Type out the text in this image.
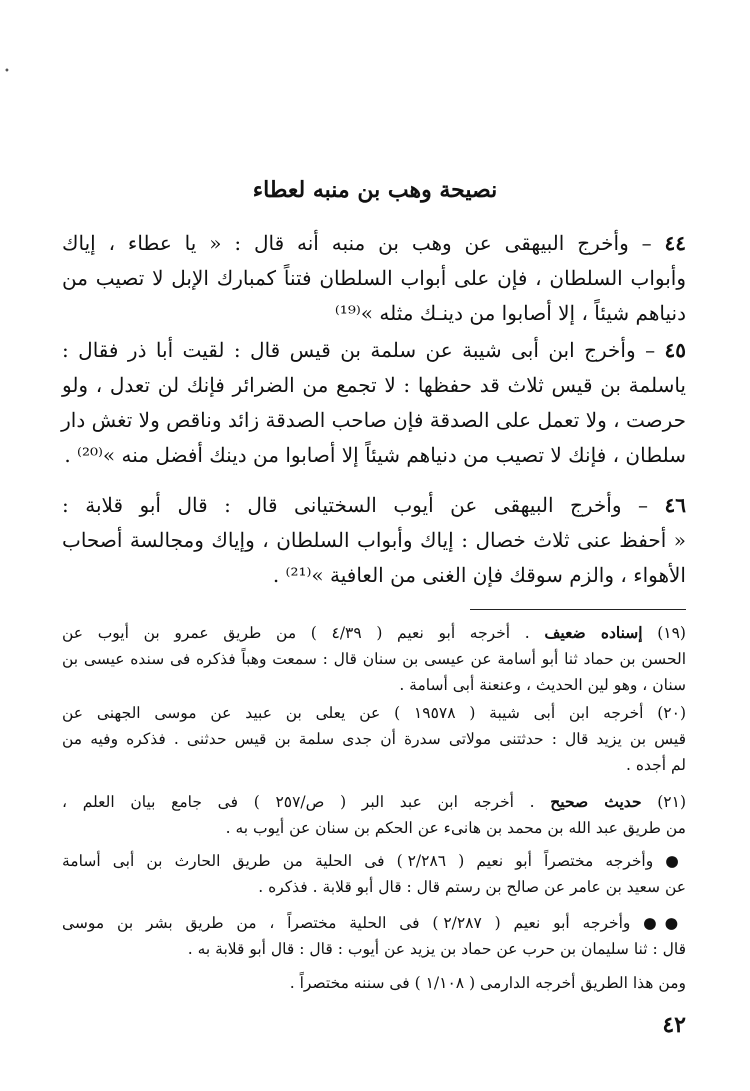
•
نصيحة وهب بن منبه لعطاء
٤٤ – وأخرج البيهقى عن وهب بن منبه أنه قال : « يا عطاء ، إياك
وأبواب السلطان ، فإن على أبواب السلطان فتناً كمبارك الإبل لا تصيب من
دنياهم شيئاً ، إلا أصابوا من دينـك مثله »⁽¹⁹⁾
٤٥ – وأخرج ابن أبى شيبة عن سلمة بن قيس قال : لقيت أبا ذر فقال :
ياسلمة بن قيس ثلاث قد حفظها : لا تجمع من الضرائر فإنك لن تعدل ، ولو
حرصت ، ولا تعمل على الصدقة فإن صاحب الصدقة زائد وناقص ولا تغش دار
سلطان ، فإنك لا تصيب من دنياهم شيئاً إلا أصابوا من دينك أفضل منه »⁽²⁰⁾ .
٤٦ – وأخرج البيهقى عن أيوب السختيانى قال : قال أبو قلابة :
« أحفظ عنى ثلاث خصال : إياك وأبواب السلطان ، وإياك ومجالسة أصحاب
الأهواء ، والزم سوقك فإن الغنى من العافية »⁽²¹⁾ .
(١٩) إسناده ضعيف . أخرجه أبو نعيم ( ٤/٣٩ ) من طريق عمرو بن أيوب عن
الحسن بن حماد ثنا أبو أسامة عن عيسى بن سنان قال : سمعت وهباً فذكره فى سنده عيسى بن
سنان ، وهو لين الحديث ، وعنعنة أبى أسامة .
(٢٠) أخرجه ابن أبى شيبة ( ١٩٥٧٨ ) عن يعلى بن عبيد عن موسى الجهنى عن
قيس بن يزيد قال : حدثتنى مولاتى سدرة أن جدى سلمة بن قيس حدثنى . فذكره وفيه من
لم أجده .
(٢١) حديث صحيح . أخرجه ابن عبد البر ( ص/٢٥٧ ) فى جامع بيان العلم ،
من طريق عبد الله بن محمد بن هانىء عن الحكم بن سنان عن أيوب به .
● وأخرجه مختصراً أبو نعيم ( ٢/٢٨٦ ) فى الحلية من طريق الحارث بن أبى أسامة
عن سعيد بن عامر عن صالح بن رستم قال : قال أبو قلابة . فذكره .
●● وأخرجه أبو نعيم ( ٢/٢٨٧ ) فى الحلية مختصراً ، من طريق بشر بن موسى
قال : ثنا سليمان بن حرب عن حماد بن يزيد عن أيوب : قال : قال أبو قلابة به .
ومن هذا الطريق أخرجه الدارمى ( ١/١٠٨ ) فى سننه مختصراً .
٤٢
